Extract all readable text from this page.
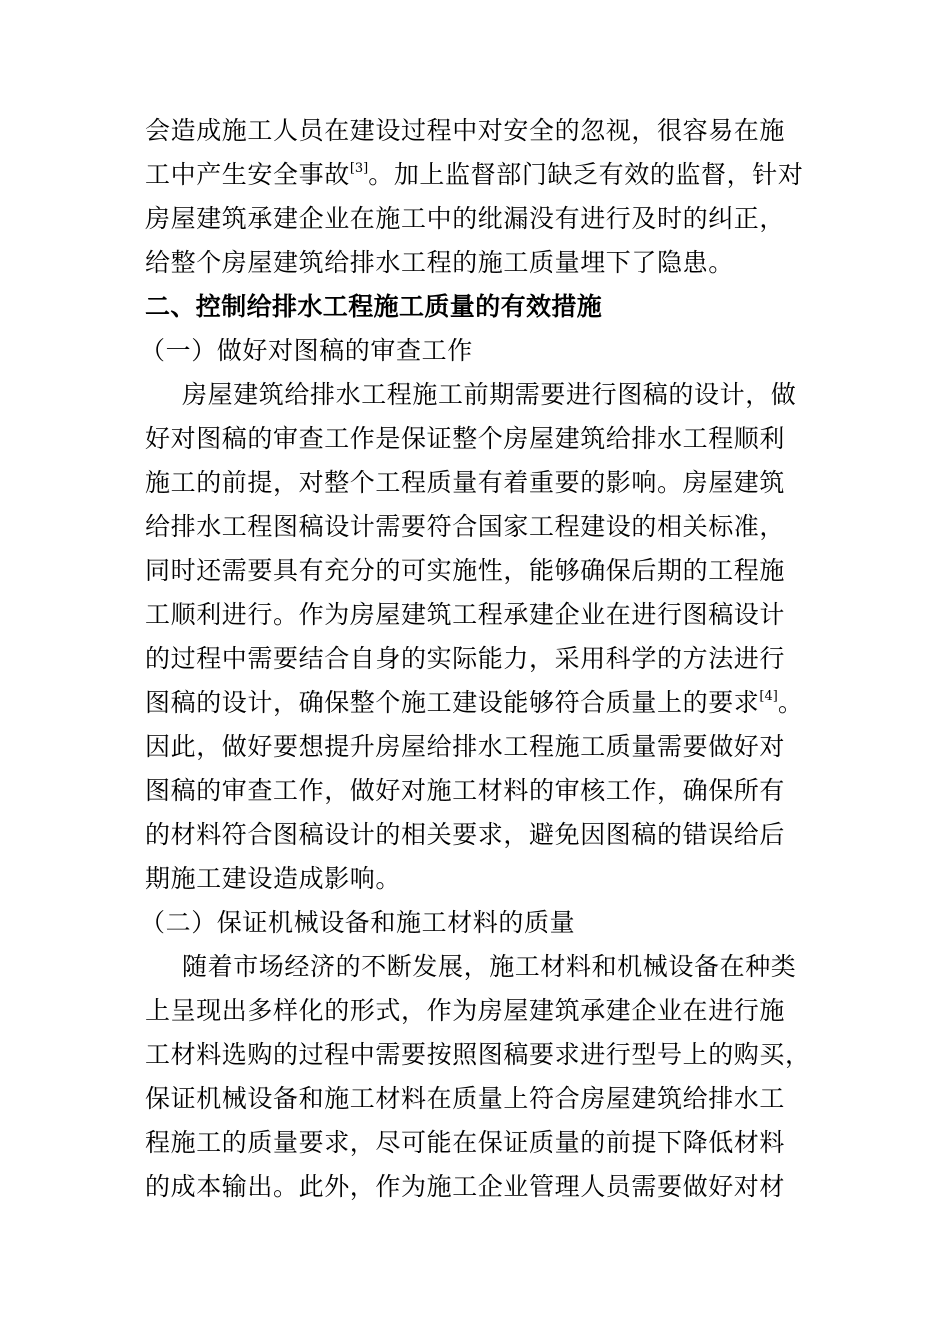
会造成施工人员在建设过程中对安全的忽视，很容易在施
工中产生安全事故[3]。加上监督部门缺乏有效的监督，针对
房屋建筑承建企业在施工中的纰漏没有进行及时的纠正，
给整个房屋建筑给排水工程的施工质量埋下了隐患。
二、控制给排水工程施工质量的有效措施
（一）做好对图稿的审查工作
房屋建筑给排水工程施工前期需要进行图稿的设计，做
好对图稿的审查工作是保证整个房屋建筑给排水工程顺利
施工的前提，对整个工程质量有着重要的影响。房屋建筑
给排水工程图稿设计需要符合国家工程建设的相关标准，
同时还需要具有充分的可实施性，能够确保后期的工程施
工顺利进行。作为房屋建筑工程承建企业在进行图稿设计
的过程中需要结合自身的实际能力，采用科学的方法进行
图稿的设计，确保整个施工建设能够符合质量上的要求[4]。
因此，做好要想提升房屋给排水工程施工质量需要做好对
图稿的审查工作，做好对施工材料的审核工作，确保所有
的材料符合图稿设计的相关要求，避免因图稿的错误给后
期施工建设造成影响。
（二）保证机械设备和施工材料的质量
随着市场经济的不断发展，施工材料和机械设备在种类
上呈现出多样化的形式，作为房屋建筑承建企业在进行施
工材料选购的过程中需要按照图稿要求进行型号上的购买，
保证机械设备和施工材料在质量上符合房屋建筑给排水工
程施工的质量要求，尽可能在保证质量的前提下降低材料
的成本输出。此外，作为施工企业管理人员需要做好对材
